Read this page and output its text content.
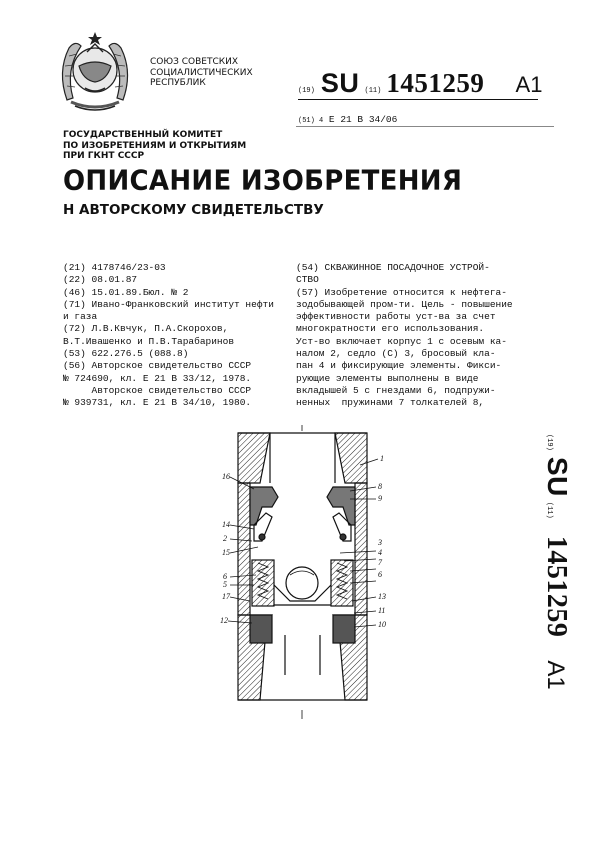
СОЮЗ СОВЕТСКИХ
СОЦИАЛИСТИЧЕСКИХ
РЕСПУБЛИК
(19) SU (11) 1451259 A1
(51) 4 Е 21 В 34/06
ГОСУДАРСТВЕННЫЙ КОМИТЕТ
ПО ИЗОБРЕТЕНИЯМ И ОТКРЫТИЯМ
ПРИ ГКНТ СССР
ОПИСАНИЕ ИЗОБРЕТЕНИЯ
Н АВТОРСКОМУ СВИДЕТЕЛЬСТВУ
(21) 4178746/23-03
(22) 08.01.87
(46) 15.01.89.Бюл. № 2
(71) Ивано-Франковский институт нефти
и газа
(72) Л.В.Квчук, П.А.Скорохов,
В.Т.Ивашенко и П.В.Тарабаринов
(53) 622.276.5 (088.8)
(56) Авторское свидетельство СССР
№ 724690, кл. Е 21 В 33/12, 1978.
Авторское свидетельство СССР
№ 939731, кл. Е 21 В 34/10, 1980.
(54) СКВАЖИННОЕ ПОСАДОЧНОЕ УСТРОЙ-
СТВО
(57) Изобретение относится к нефтега-
зодобывающей пром-ти. Цель - повышение
эффективности работы уст-ва за счет
многократности его использования.
Уст-во включает корпус 1 с осевым ка-
налом 2, седло (С) 3, бросовый кла-
пан 4 и фиксирующие элементы. Фикси-
рующие элементы выполнены в виде
вкладышей 5 с гнездами 6, подпружи-
ненных  пружинами 7 толкателей 8,
16
14
2
15
6
5
17
12
1
8
9
3
4
7
6
13
11
10
(19) SU (11) 1451259 A1
